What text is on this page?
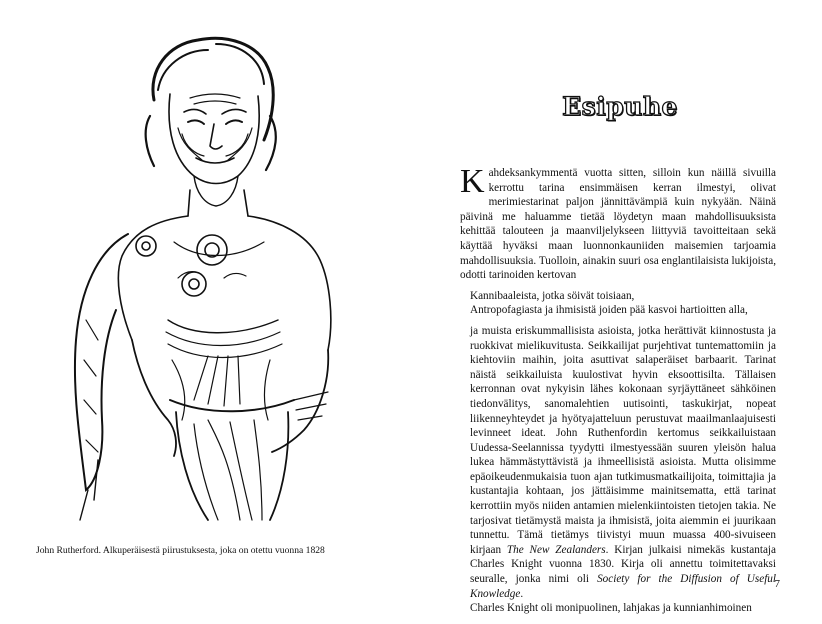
John Rutherford. Alkuperäisestä piirustuksesta, joka on otettu vuonna 1828
Esipuhe

Kahdeksankymmentä vuotta sitten, silloin kun näillä sivuilla kerrottu tarina ensimmäisen kerran ilmestyi, olivat merimiestarinat paljon jännittävämpiä kuin nykyään. Näinä päivinä me haluamme tietää löydetyn maan mahdollisuuksista kehittää talouteen ja maanviljelykseen liittyviä tavoitteitaan sekä käyttää hyväksi maan luonnonkauniiden maisemien tarjoamia mahdollisuuksia. Tuolloin, ainakin suuri osa englantilaisista lukijoista, odotti tarinoiden kertovan

Kannibaaleista, jotka söivät toisiaan,
Antropofagiasta ja ihmisistä joiden pää kasvoi hartioitten alla,

ja muista eriskummallisista asioista, jotka herättivät kiinnostusta ja ruokkivat mielikuvitusta. Seikkailijat purjehtivat tuntemattomiin ja kiehtoviin maihin, joita asuttivat salaperäiset barbaarit. Tarinat näistä seikkailuista kuulostivat hyvin eksoottisilta. Tällaisen kerronnan ovat nykyisin lähes kokonaan syrjäyttäneet sähköinen tiedonvälitys, sanomalehtien uutisointi, taskukirjat, nopeat liikenneyhteydet ja hyötyajatteluun perustuvat maailmanlaajuisesti levinneet ideat. John Ruthenfordin kertomus seikkailuistaan Uudessa-Seelannissa tyydytti ilmestyessään suuren yleisön halua lukea hämmästyttävistä ja ihmeellisistä asioista. Mutta olisimme epäoikeudenmukaisia tuon ajan tutkimusmatkailijoita, toimittajia ja kustantajia kohtaan, jos jättäisimme mainitsematta, että tarinat kerrottiin myös niiden antamien mielenkiintoisten tietojen takia. Ne tarjosivat tietämystä maista ja ihmisistä, joita aiemmin ei juurikaan tunnettu. Tämä tietämys tiivistyi muun muassa 400-sivuiseen kirjaan The New Zealanders. Kirjan julkaisi nimekäs kustantaja Charles Knight vuonna 1830. Kirja oli annettu toimitettavaksi seuralle, jonka nimi oli Society for the Diffusion of Useful Knowledge.
Charles Knight oli monipuolinen, lahjakas ja kunnianhimoinen

7
